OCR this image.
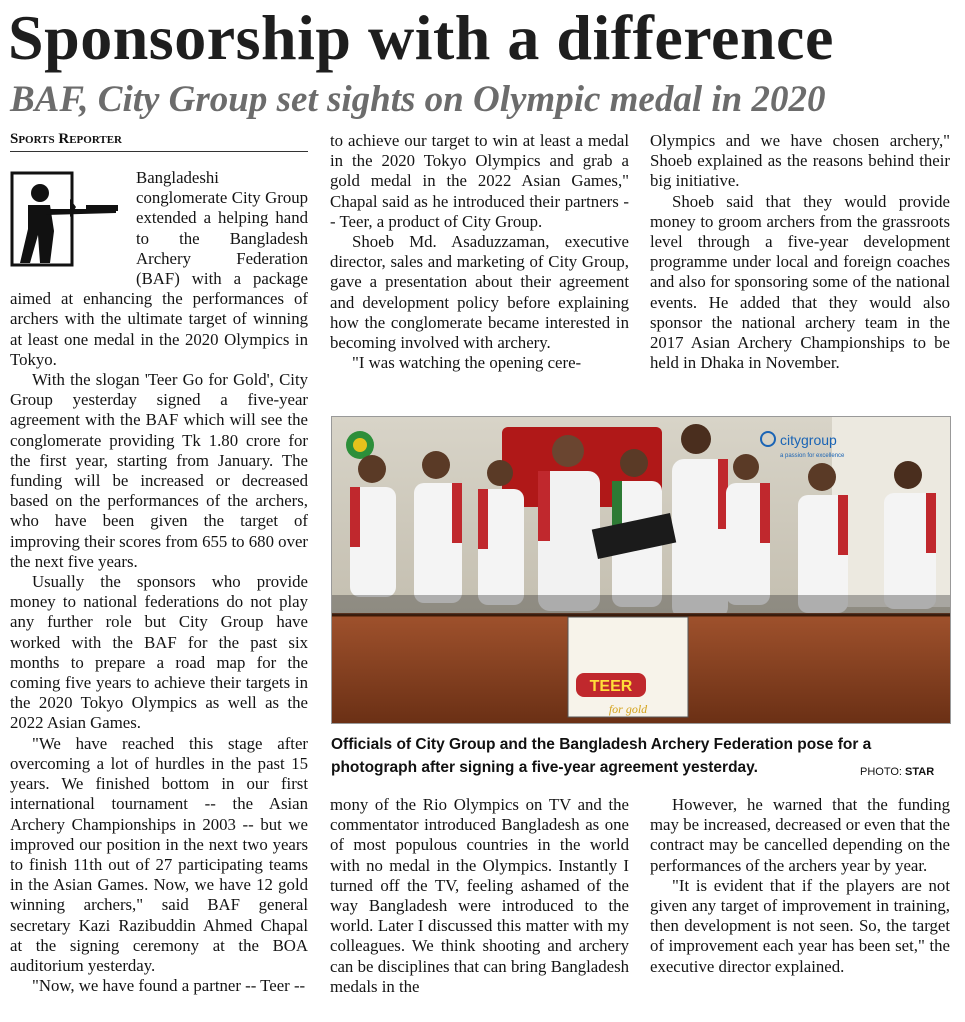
Sponsorship with a difference
BAF, City Group set sights on Olympic medal in 2020
Sports Reporter

Bangladeshi conglomerate City Group extended a helping hand to the Bangladesh Archery Federation (BAF) with a package aimed at enhancing the performances of archers with the ultimate target of winning at least one medal in the 2020 Olympics in Tokyo.

With the slogan 'Teer Go for Gold', City Group yesterday signed a five-year agreement with the BAF which will see the conglomerate providing Tk 1.80 crore for the first year, starting from January. The funding will be increased or decreased based on the performances of the archers, who have been given the target of improving their scores from 655 to 680 over the next five years.

Usually the sponsors who provide money to national federations do not play any further role but City Group have worked with the BAF for the past six months to prepare a road map for the coming five years to achieve their targets in the 2020 Tokyo Olympics as well as the 2022 Asian Games.

"We have reached this stage after overcoming a lot of hurdles in the past 15 years. We finished bottom in our first international tournament -- the Asian Archery Championships in 2003 -- but we improved our position in the next two years to finish 11th out of 27 participating teams in the Asian Games. Now, we have 12 gold winning archers," said BAF general secretary Kazi Razibuddin Ahmed Chapal at the signing ceremony at the BOA auditorium yesterday.

"Now, we have found a partner -- Teer --

to achieve our target to win at least a medal in the 2020 Tokyo Olympics and grab a gold medal in the 2022 Asian Games," Chapal said as he introduced their partners -- Teer, a product of City Group.

Shoeb Md. Asaduzzaman, executive director, sales and marketing of City Group, gave a presentation about their agreement and development policy before explaining how the conglomerate became interested in becoming involved with archery.

"I was watching the opening cere-

Olympics and we have chosen archery," Shoeb explained as the reasons behind their big initiative.

Shoeb said that they would provide money to groom archers from the grassroots level through a five-year development programme under local and foreign coaches and also for sponsoring some of the national events. He added that they would also sponsor the national archery team in the 2017 Asian Archery Championships to be held in Dhaka in November.

citygroup
a passion for excellence
TEER
for gold
Officials of City Group and the Bangladesh Archery Federation pose for a photograph after signing a five-year agreement yesterday.	PHOTO: STAR

mony of the Rio Olympics on TV and the commentator introduced Bangladesh as one of most populous countries in the world with no medal in the Olympics. Instantly I turned off the TV, feeling ashamed of the way Bangladesh were introduced to the world. Later I discussed this matter with my colleagues. We think shooting and archery can be disciplines that can bring Bangladesh medals in the

However, he warned that the funding may be increased, decreased or even that the contract may be cancelled depending on the performances of the archers year by year.

"It is evident that if the players are not given any target of improvement in training, then development is not seen. So, the target of improvement each year has been set," the executive director explained.
